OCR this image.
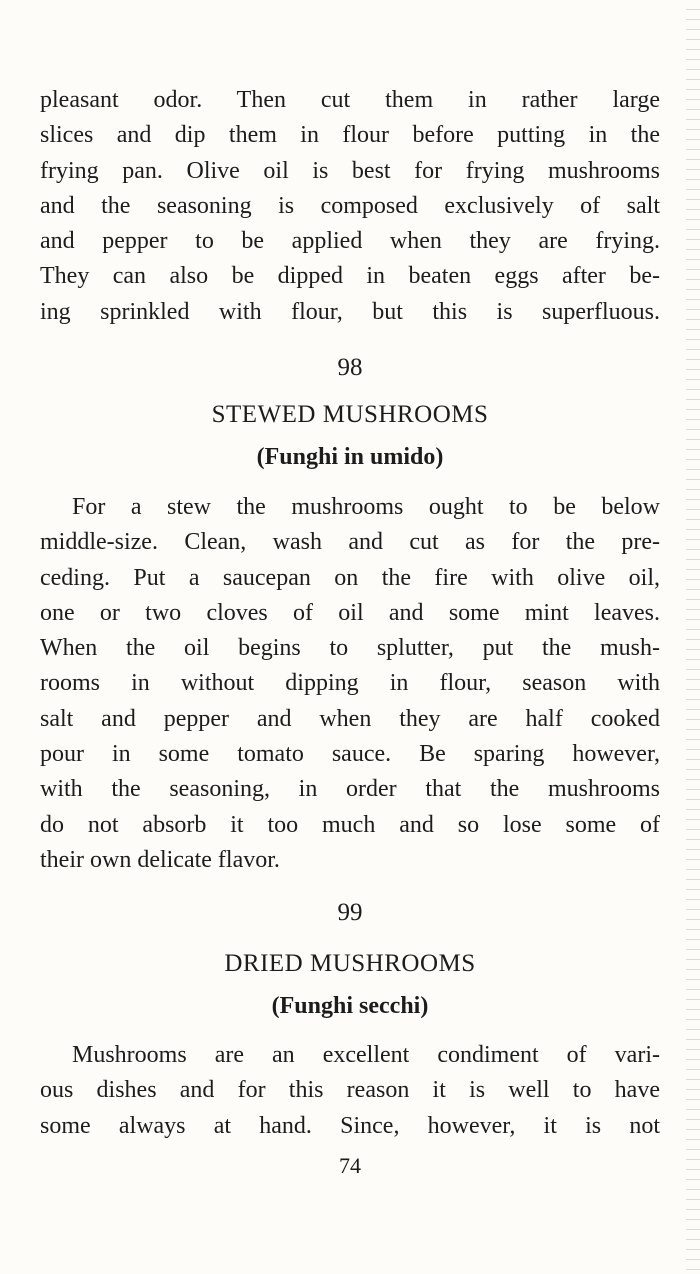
pleasant odor. Then cut them in rather large
slices and dip them in flour before putting in the
frying pan. Olive oil is best for frying mushrooms
and the seasoning is composed exclusively of salt
and pepper to be applied when they are frying.
They can also be dipped in beaten eggs after be-
ing sprinkled with flour, but this is superfluous.

98

STEWED MUSHROOMS

(Funghi in umido)

For a stew the mushrooms ought to be below
middle-size. Clean, wash and cut as for the pre-
ceding. Put a saucepan on the fire with olive oil,
one or two cloves of oil and some mint leaves.
When the oil begins to splutter, put the mush-
rooms in without dipping in flour, season with
salt and pepper and when they are half cooked
pour in some tomato sauce. Be sparing however,
with the seasoning, in order that the mushrooms
do not absorb it too much and so lose some of
their own delicate flavor.

99

DRIED MUSHROOMS

(Funghi secchi)

Mushrooms are an excellent condiment of vari-
ous dishes and for this reason it is well to have
some always at hand. Since, however, it is not

74
